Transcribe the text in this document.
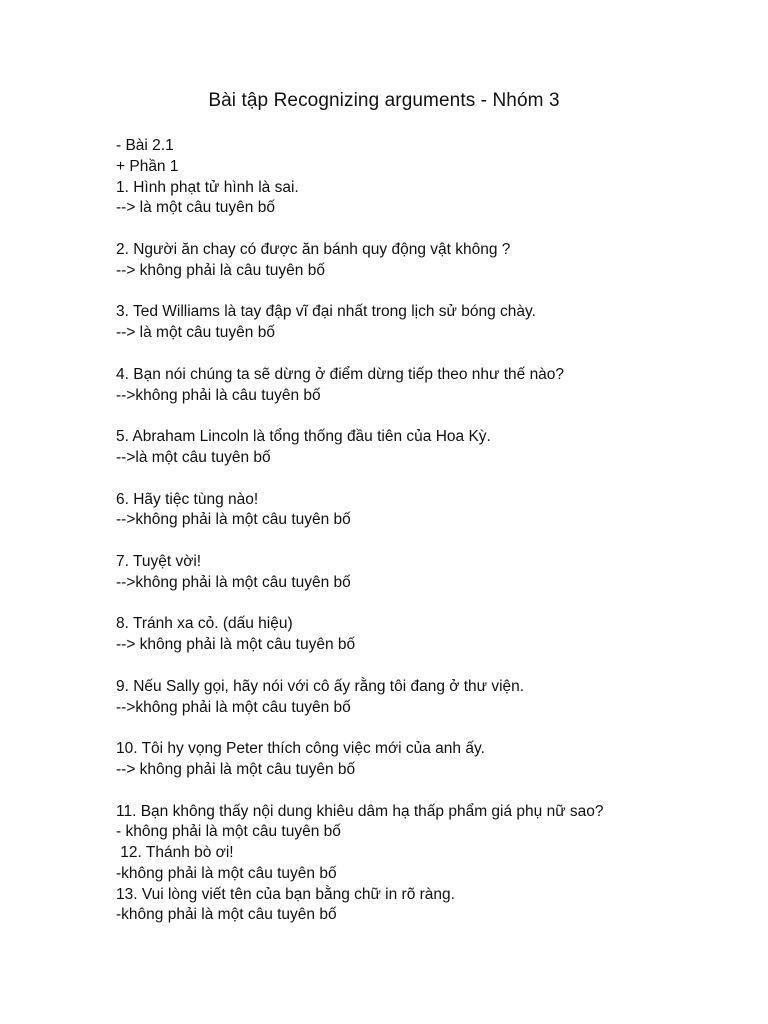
Bài tập Recognizing arguments - Nhóm 3
- Bài 2.1
+ Phần 1
1. Hình phạt tử hình là sai.
--> là một câu tuyên bố
2. Người ăn chay có được ăn bánh quy động vật không ?
--> không phải là câu tuyên bố
3. Ted Williams là tay đập vĩ đại nhất trong lịch sử bóng chày.
--> là một câu tuyên bố
4. Bạn nói chúng ta sẽ dừng ở điểm dừng tiếp theo như thế nào?
-->không phải là câu tuyên bố
5. Abraham Lincoln là tổng thống đầu tiên của Hoa Kỳ.
-->là một câu tuyên bố
6. Hãy tiệc tùng nào!
-->không phải là một câu tuyên bố
7. Tuyệt vời!
-->không phải là một câu tuyên bố
8. Tránh xa cỏ. (dấu hiệu)
--> không phải là một câu tuyên bố
9. Nếu Sally gọi, hãy nói với cô ấy rằng tôi đang ở thư viện.
-->không phải là một câu tuyên bố
10. Tôi hy vọng Peter thích công việc mới của anh ấy.
--> không phải là một câu tuyên bố
11. Bạn không thấy nội dung khiêu dâm hạ thấp phẩm giá phụ nữ sao?
- không phải là một câu tuyên bố
12. Thánh bò ơi!
-không phải là một câu tuyên bố
13. Vui lòng viết tên của bạn bằng chữ in rõ ràng.
-không phải là một câu tuyên bố
